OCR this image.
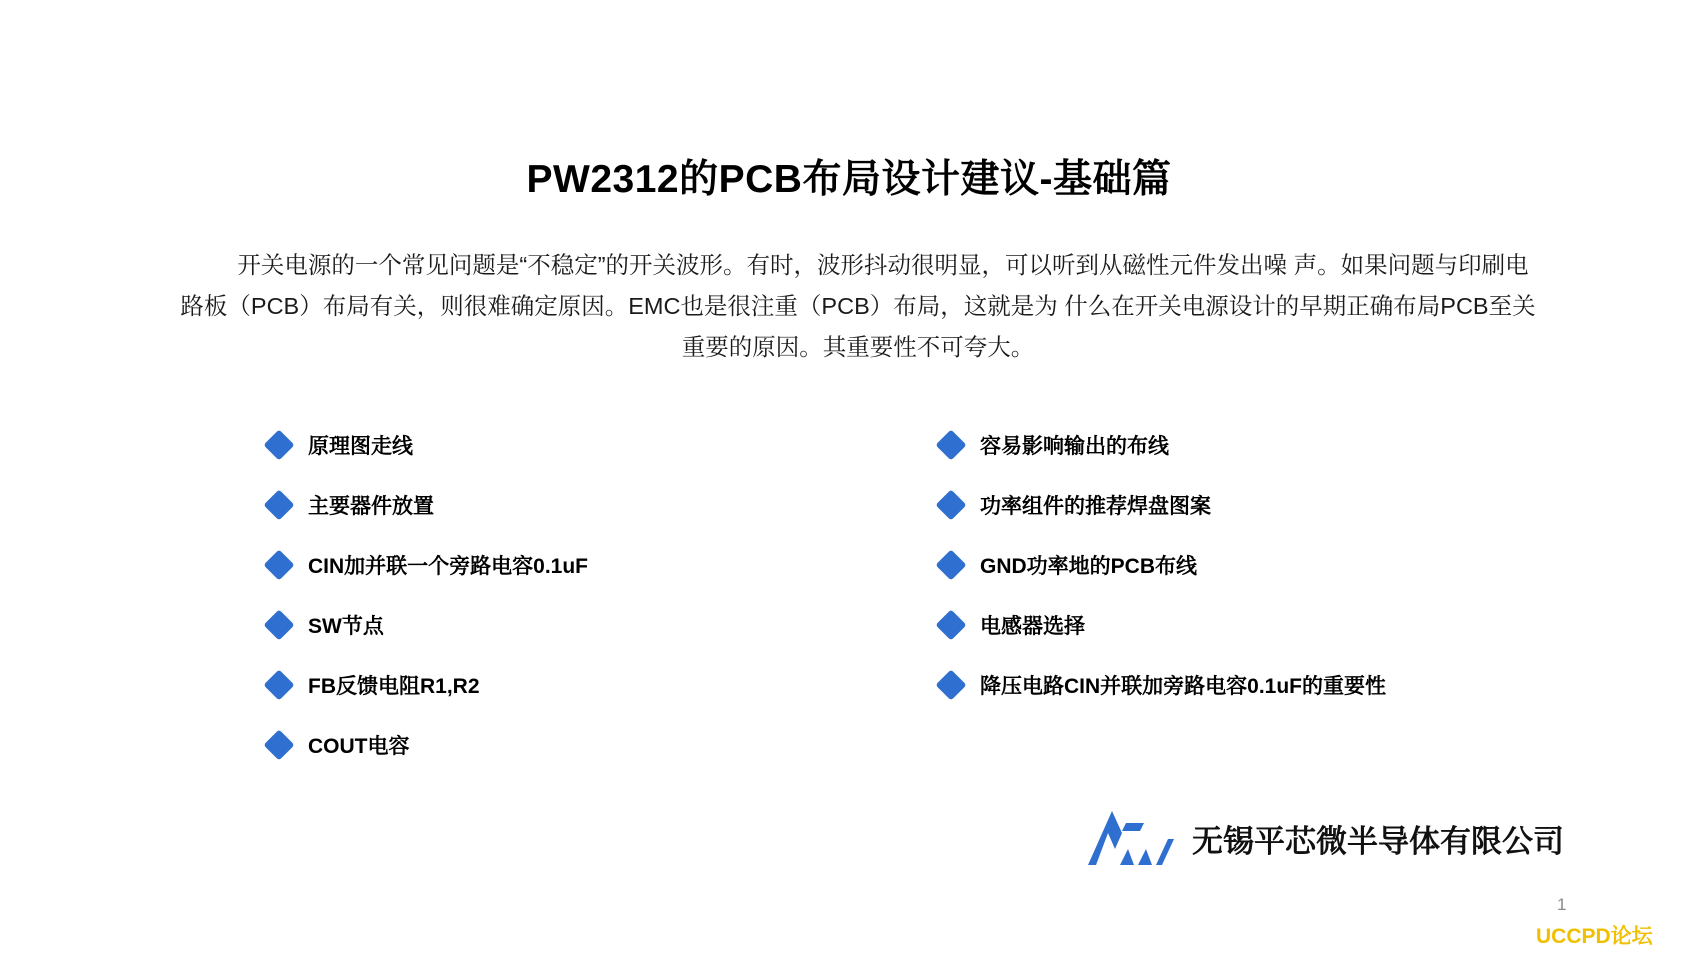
PW2312的PCB布局设计建议-基础篇
开关电源的一个常见问题是“不稳定”的开关波形。有时，波形抖动很明显，可以听到从磁性元件发出噪 声。如果问题与印刷电路板（PCB）布局有关，则很难确定原因。EMC也是很注重（PCB）布局，这就是为 什么在开关电源设计的早期正确布局PCB至关重要的原因。其重要性不可夸大。
原理图走线
主要器件放置
CIN加并联一个旁路电容0.1uF
SW节点
FB反馈电阻R1,R2
COUT电容
容易影响输出的布线
功率组件的推荐焊盘图案
GND功率地的PCB布线
电感器选择
降压电路CIN并联加旁路电容0.1uF的重要性
无锡平芯微半导体有限公司
1
UCCPD论坛
